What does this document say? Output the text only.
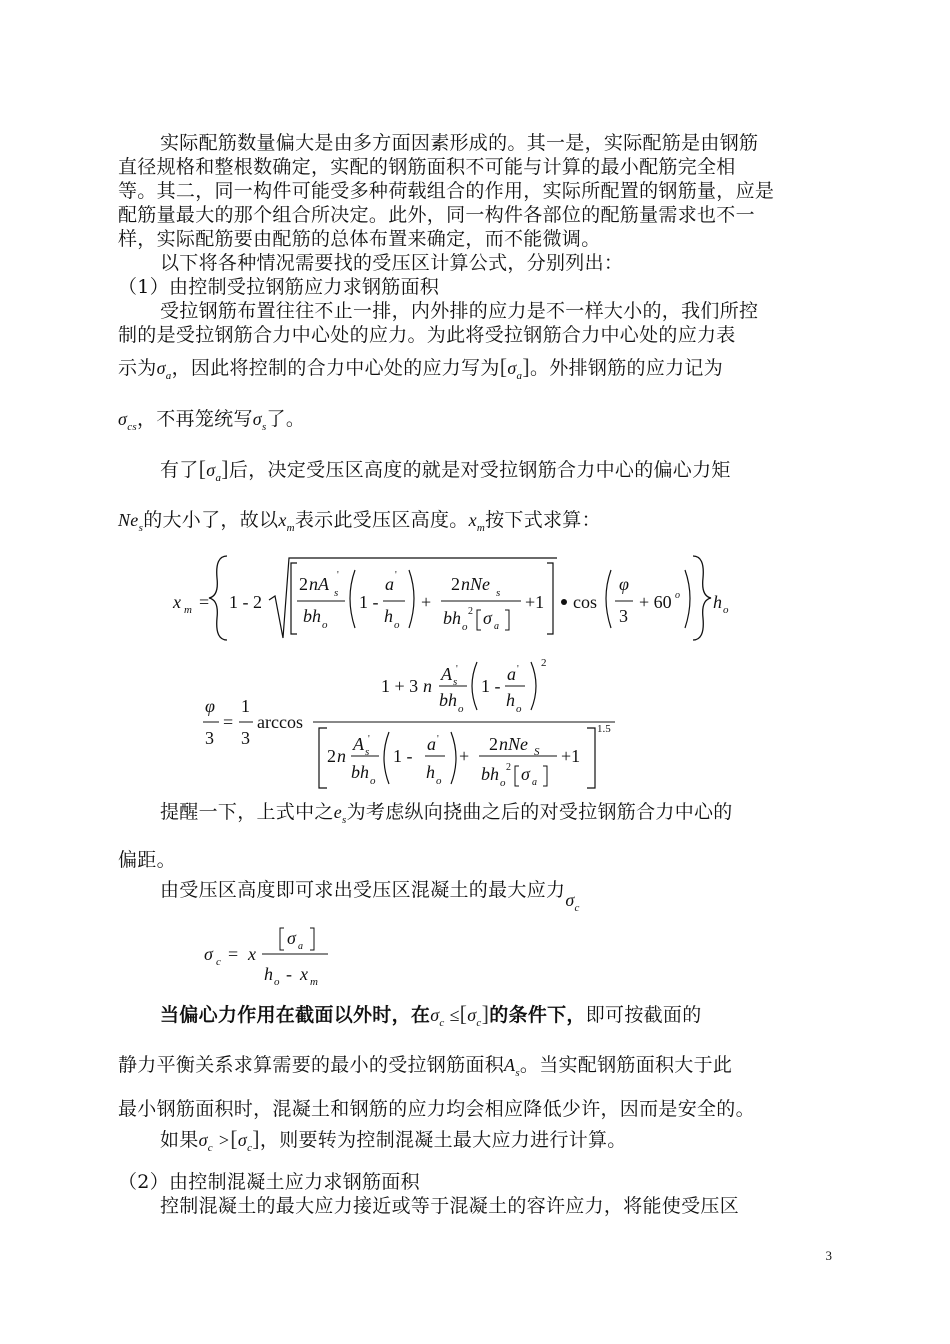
实际配筋数量偏大是由多方面因素形成的。其一是，实际配筋是由钢筋
直径规格和整根数确定，实配的钢筋面积不可能与计算的最小配筋完全相
等。其二，同一构件可能受多种荷载组合的作用，实际所配置的钢筋量，应是
配筋量最大的那个组合所决定。此外，同一构件各部位的配筋量需求也不一
样，实际配筋要由配筋的总体布置来确定，而不能微调。
以下将各种情况需要找的受压区计算公式，分别列出：
（1）由控制受拉钢筋应力求钢筋面积
受拉钢筋布置往往不止一排，内外排的应力是不一样大小的，我们所控
制的是受拉钢筋合力中心处的应力。为此将受拉钢筋合力中心处的应力表
示为$\sigma_a$，因此将控制的合力中心处的应力写为$[\sigma_a]$。外排钢筋的应力记为
$\sigma_{cs}$，不再笼统写$\sigma_s$了。
有了$[\sigma_a]$后，决定受压区高度的就是对受拉钢筋合力中心的偏心力矩
$Ne_s$的大小了，故以$x_m$表示此受压区高度。$x_m$按下式求算：
x m = 1 - 2
2 nA s
'
bh o
1 -
a '
h o
+
2 nNe s
bh o
2 σ a
+1 cos
φ
3
+ 60 o h o
φ
3
=
1
3
arccos
1 + 3 n
A s
'
bh o
1 -
a '
h o
2
2 n
A s
'
bh o
1 -
a '
h o
+
2 nNe S
bh o
2 σ a
+1
1.5
提醒一下，上式中之$e_s$为考虑纵向挠曲之后的对受拉钢筋合力中心的
偏距。
由受压区高度即可求出受压区混凝土的最大应力$\sigma_c$
σ c = x
σ a
h o - x m
当偏心力作用在截面以外时，在$\sigma_c \le[\sigma_c]$的条件下，即可按截面的
静力平衡关系求算需要的最小的受拉钢筋面积$A_s$。当实配钢筋面积大于此
最小钢筋面积时，混凝土和钢筋的应力均会相应降低少许，因而是安全的。
如果$\sigma_c >[\sigma_c]$，则要转为控制混凝土最大应力进行计算。
（2）由控制混凝土应力求钢筋面积
控制混凝土的最大应力接近或等于混凝土的容许应力，将能使受压区
3
